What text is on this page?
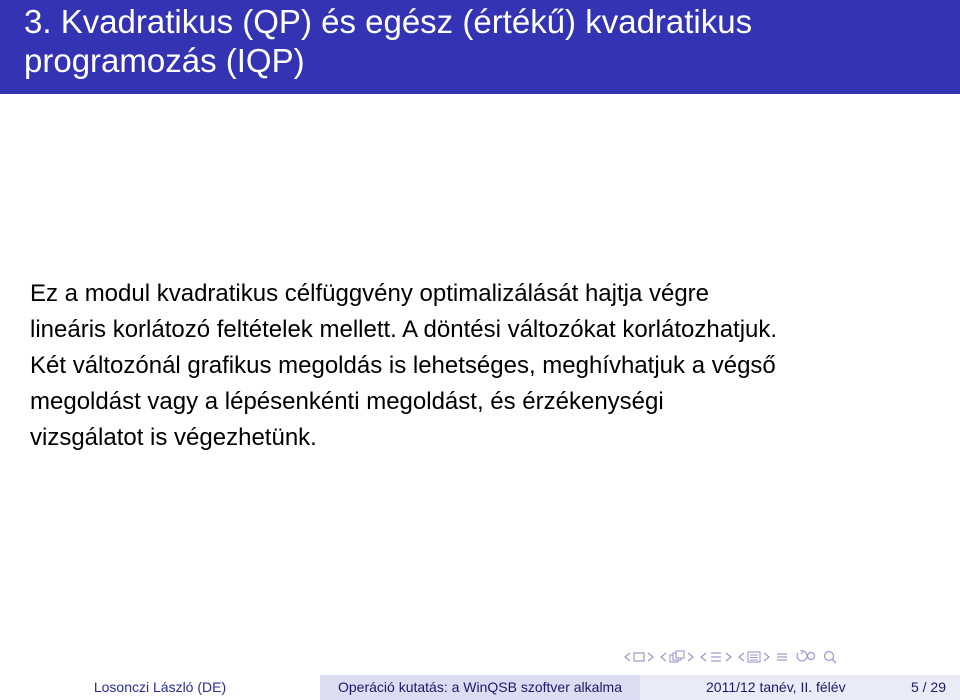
3. Kvadratikus (QP) és egész (értékű) kvadratikus
programozás (IQP)
Ez a modul kvadratikus célfüggvény optimalizálását hajtja végre
lineáris korlátozó feltételek mellett. A döntési változókat korlátozhatjuk.
Két változónál grafikus megoldás is lehetséges, meghívhatjuk a végső
megoldást vagy a lépésenkénti megoldást, és érzékenységi
vizsgálatot is végezhetünk.
Losonczi László (DE)	Operáció kutatás: a WinQSB szoftver alkalma	2011/12 tanév, II. félév	5 / 29
